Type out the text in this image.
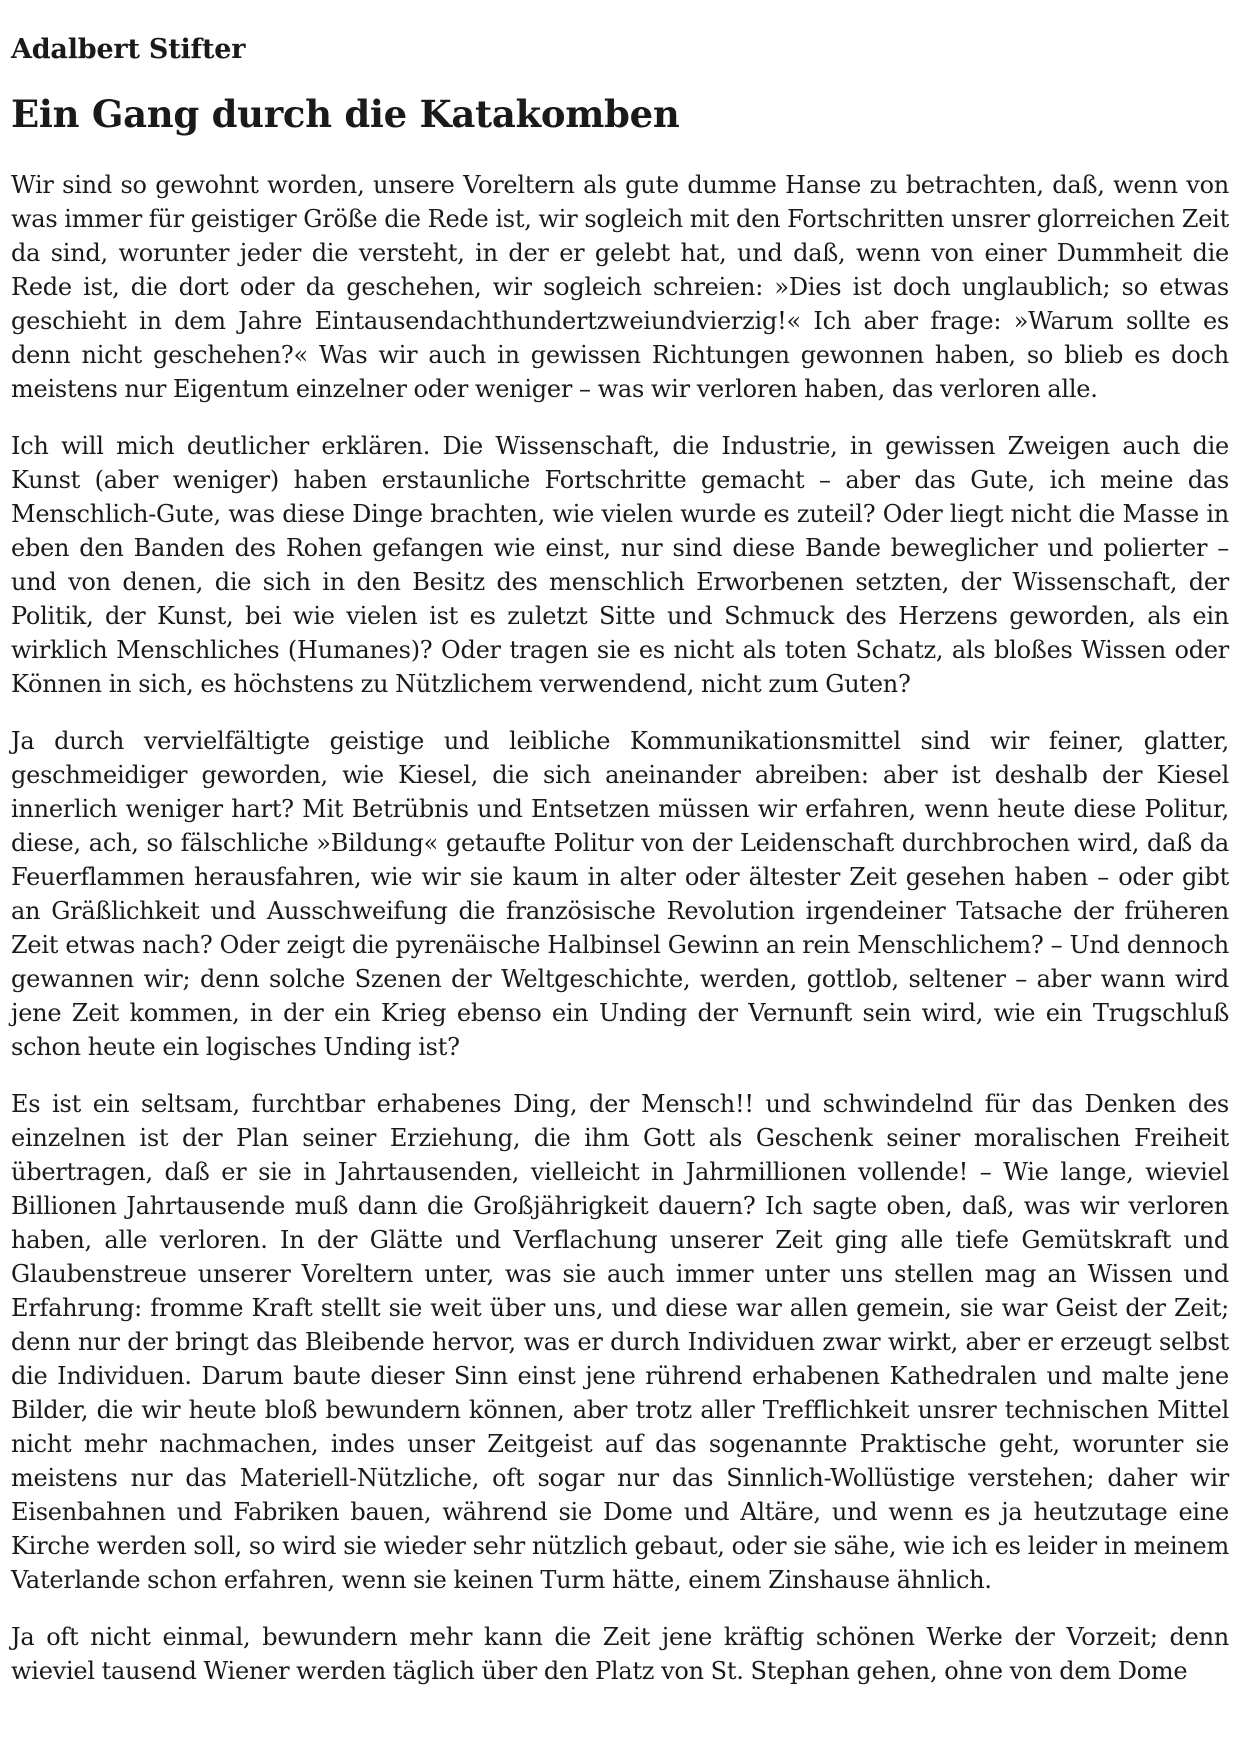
Adalbert Stifter
Ein Gang durch die Katakomben

Wir sind so gewohnt worden, unsere Voreltern als gute dumme Hanse zu betrachten, daß, wenn von was immer für geistiger Größe die Rede ist, wir sogleich mit den Fortschritten unsrer glorreichen Zeit da sind, worunter jeder die versteht, in der er gelebt hat, und daß, wenn von einer Dummheit die Rede ist, die dort oder da geschehen, wir sogleich schreien: »Dies ist doch unglaublich; so etwas geschieht in dem Jahre Eintausendachthundertzweiundvierzig!« Ich aber frage: »Warum sollte es denn nicht geschehen?« Was wir auch in gewissen Richtungen gewonnen haben, so blieb es doch meistens nur Eigentum einzelner oder weniger – was wir verloren haben, das verloren alle.

Ich will mich deutlicher erklären. Die Wissenschaft, die Industrie, in gewissen Zweigen auch die Kunst (aber weniger) haben erstaunliche Fortschritte gemacht – aber das Gute, ich meine das Menschlich-Gute, was diese Dinge brachten, wie vielen wurde es zuteil? Oder liegt nicht die Masse in eben den Banden des Rohen gefangen wie einst, nur sind diese Bande beweglicher und polierter – und von denen, die sich in den Besitz des menschlich Erworbenen setzten, der Wissenschaft, der Politik, der Kunst, bei wie vielen ist es zuletzt Sitte und Schmuck des Herzens geworden, als ein wirklich Menschliches (Humanes)? Oder tragen sie es nicht als toten Schatz, als bloßes Wissen oder Können in sich, es höchstens zu Nützlichem verwendend, nicht zum Guten?

Ja durch vervielfältigte geistige und leibliche Kommunikationsmittel sind wir feiner, glatter, geschmeidiger geworden, wie Kiesel, die sich aneinander abreiben: aber ist deshalb der Kiesel innerlich weniger hart? Mit Betrübnis und Entsetzen müssen wir erfahren, wenn heute diese Politur, diese, ach, so fälschliche »Bildung« getaufte Politur von der Leidenschaft durchbrochen wird, daß da Feuerflammen herausfahren, wie wir sie kaum in alter oder ältester Zeit gesehen haben – oder gibt an Gräßlichkeit und Ausschweifung die französische Revolution irgendeiner Tatsache der früheren Zeit etwas nach? Oder zeigt die pyrenäische Halbinsel Gewinn an rein Menschlichem? – Und dennoch gewannen wir; denn solche Szenen der Weltgeschichte, werden, gottlob, seltener – aber wann wird jene Zeit kommen, in der ein Krieg ebenso ein Unding der Vernunft sein wird, wie ein Trugschluß schon heute ein logisches Unding ist?

Es ist ein seltsam, furchtbar erhabenes Ding, der Mensch!! und schwindelnd für das Denken des einzelnen ist der Plan seiner Erziehung, die ihm Gott als Geschenk seiner moralischen Freiheit übertragen, daß er sie in Jahrtausenden, vielleicht in Jahrmillionen vollende! – Wie lange, wieviel Billionen Jahrtausende muß dann die Großjährigkeit dauern? Ich sagte oben, daß, was wir verloren haben, alle verloren. In der Glätte und Verflachung unserer Zeit ging alle tiefe Gemütskraft und Glaubenstreue unserer Voreltern unter, was sie auch immer unter uns stellen mag an Wissen und Erfahrung: fromme Kraft stellt sie weit über uns, und diese war allen gemein, sie war Geist der Zeit; denn nur der bringt das Bleibende hervor, was er durch Individuen zwar wirkt, aber er erzeugt selbst die Individuen. Darum baute dieser Sinn einst jene rührend erhabenen Kathedralen und malte jene Bilder, die wir heute bloß bewundern können, aber trotz aller Trefflichkeit unsrer technischen Mittel nicht mehr nachmachen, indes unser Zeitgeist auf das sogenannte Praktische geht, worunter sie meistens nur das Materiell-Nützliche, oft sogar nur das Sinnlich-Wollüstige verstehen; daher wir Eisenbahnen und Fabriken bauen, während sie Dome und Altäre, und wenn es ja heutzutage eine Kirche werden soll, so wird sie wieder sehr nützlich gebaut, oder sie sähe, wie ich es leider in meinem Vaterlande schon erfahren, wenn sie keinen Turm hätte, einem Zinshause ähnlich.

Ja oft nicht einmal, bewundern mehr kann die Zeit jene kräftig schönen Werke der Vorzeit; denn wieviel tausend Wiener werden täglich über den Platz von St. Stephan gehen, ohne von dem Dome
